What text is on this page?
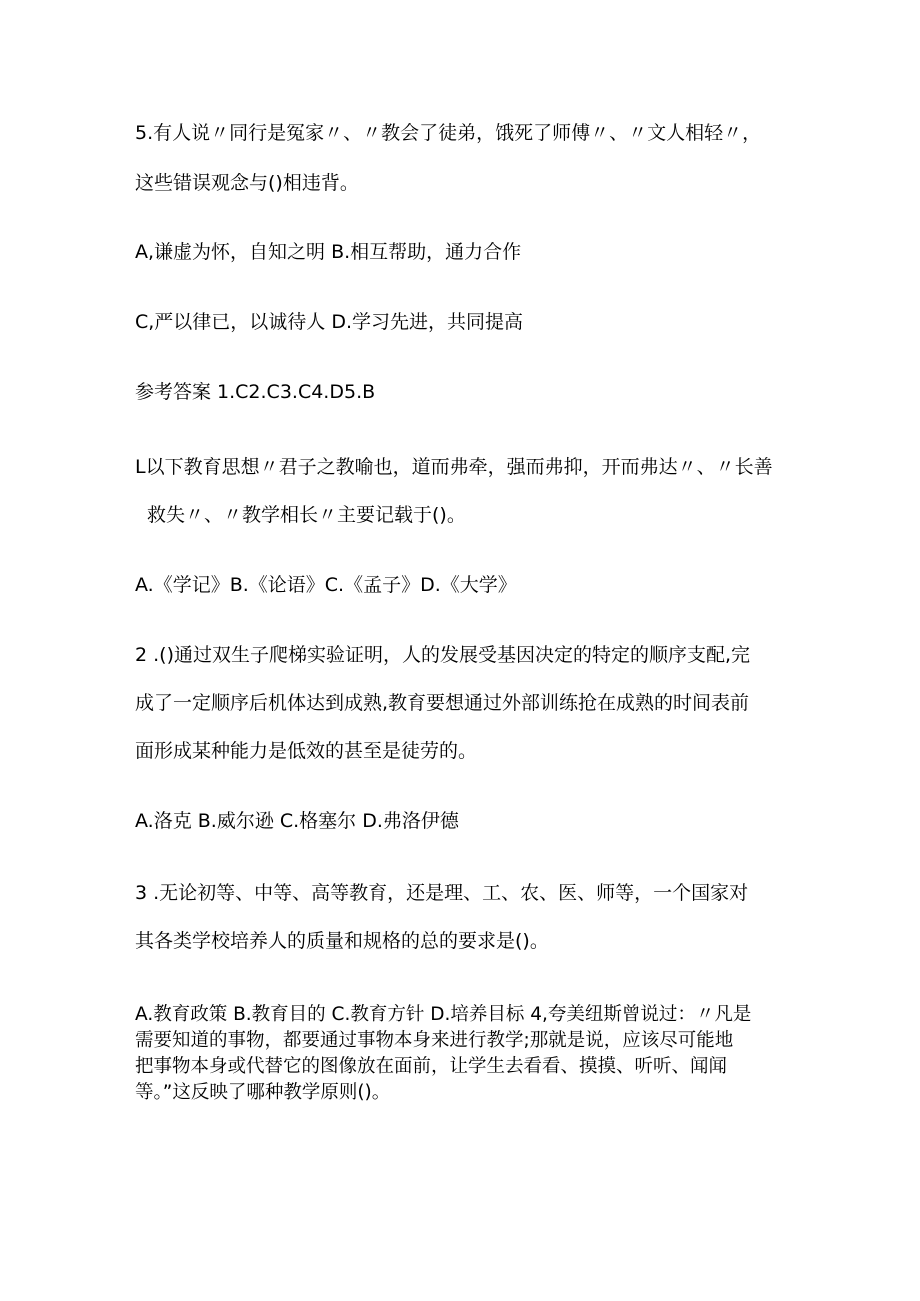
5.有人说〃同行是冤家〃、〃教会了徒弟，饿死了师傅〃、〃文人相轻〃，
这些错误观念与()相违背。
A,谦虚为怀，自知之明 B.相互帮助，通力合作
C,严以律已，以诚待人 D.学习先进，共同提高
参考答案 1.C2.C3.C4.D5.B
L以下教育思想〃君子之教喻也，道而弗牵，强而弗抑，开而弗达〃、〃长善
救失〃、〃教学相长〃主要记载于()。
A.《学记》B.《论语》C.《孟子》D.《大学》
2 .()通过双生子爬梯实验证明，人的发展受基因决定的特定的顺序支配,完
成了一定顺序后机体达到成熟,教育要想通过外部训练抢在成熟的时间表前
面形成某种能力是低效的甚至是徒劳的。
A.洛克 B.威尔逊 C.格塞尔 D.弗洛伊德
3 .无论初等、中等、高等教育，还是理、工、农、医、师等，一个国家对
其各类学校培养人的质量和规格的总的要求是()。
A.教育政策 B.教育目的 C.教育方针 D.培养目标 4,夸美纽斯曾说过：〃凡是
需要知道的事物，都要通过事物本身来进行教学;那就是说，应该尽可能地
把事物本身或代替它的图像放在面前，让学生去看看、摸摸、听听、闻闻
等。”这反映了哪种教学原则()。
